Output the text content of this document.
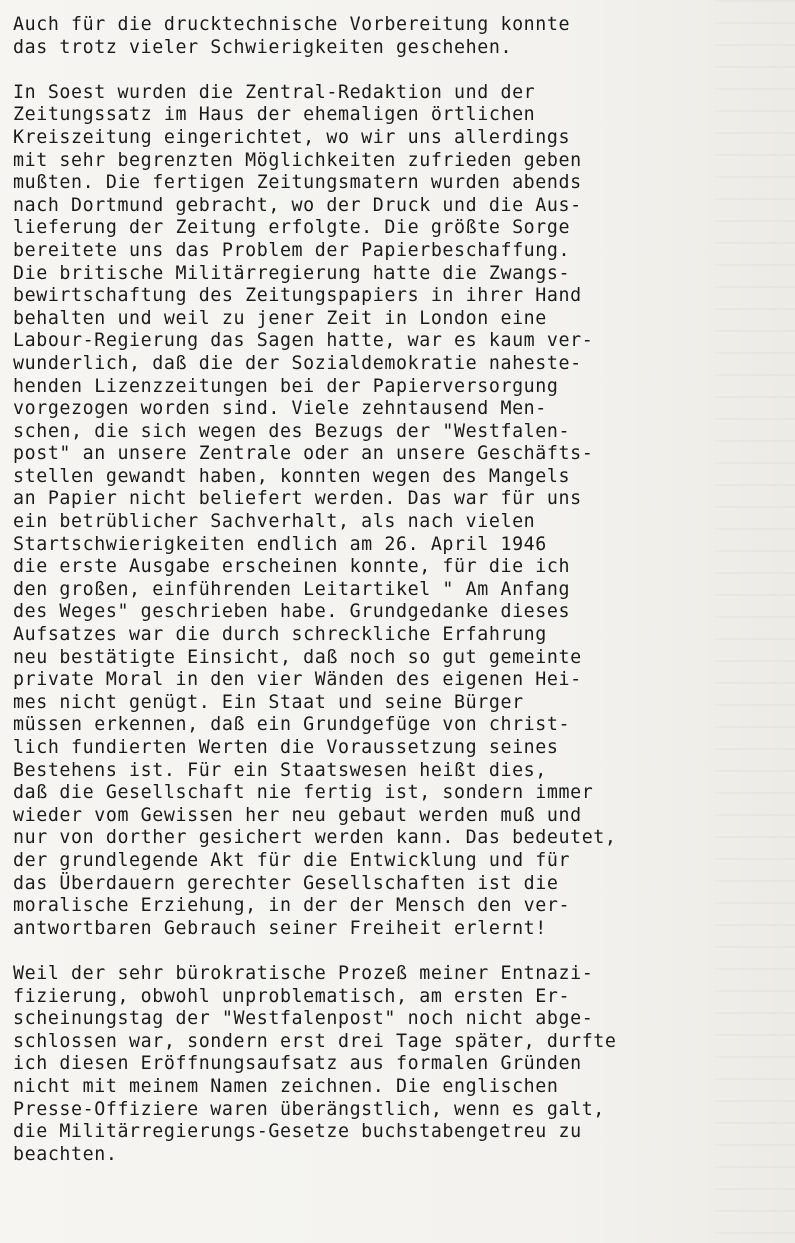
Auch für die drucktechnische Vorbereitung konnte
das trotz vieler Schwierigkeiten geschehen.
In Soest wurden die Zentral-Redaktion und der
Zeitungssatz im Haus der ehemaligen örtlichen
Kreiszeitung eingerichtet, wo wir uns allerdings
mit sehr begrenzten Möglichkeiten zufrieden geben
mußten. Die fertigen Zeitungsmatern wurden abends
nach Dortmund gebracht, wo der Druck und die Aus-
lieferung der Zeitung erfolgte. Die größte Sorge
bereitete uns das Problem der Papierbeschaffung.
Die britische Militärregierung hatte die Zwangs-
bewirtschaftung des Zeitungspapiers in ihrer Hand
behalten und weil zu jener Zeit in London eine
Labour-Regierung das Sagen hatte, war es kaum ver-
wunderlich, daß die der Sozialdemokratie naheste-
henden Lizenzzeitungen bei der Papierversorgung
vorgezogen worden sind. Viele zehntausend Men-
schen, die sich wegen des Bezugs der "Westfalen-
post" an unsere Zentrale oder an unsere Geschäfts-
stellen gewandt haben, konnten wegen des Mangels
an Papier nicht beliefert werden. Das war für uns
ein betrüblicher Sachverhalt, als nach vielen
Startschwierigkeiten endlich am 26. April 1946
die erste Ausgabe erscheinen konnte, für die ich
den großen, einführenden Leitartikel " Am Anfang
des Weges" geschrieben habe. Grundgedanke dieses
Aufsatzes war die durch schreckliche Erfahrung
neu bestätigte Einsicht, daß noch so gut gemeinte
private Moral in den vier Wänden des eigenen Hei-
mes nicht genügt. Ein Staat und seine Bürger
müssen erkennen, daß ein Grundgefüge von christ-
lich fundierten Werten die Voraussetzung seines
Bestehens ist. Für ein Staatswesen heißt dies,
daß die Gesellschaft nie fertig ist, sondern immer
wieder vom Gewissen her neu gebaut werden muß und
nur von dorther gesichert werden kann. Das bedeutet,
der grundlegende Akt für die Entwicklung und für
das Überdauern gerechter Gesellschaften ist die
moralische Erziehung, in der der Mensch den ver-
antwortbaren Gebrauch seiner Freiheit erlernt!
Weil der sehr bürokratische Prozeß meiner Entnazi-
fizierung, obwohl unproblematisch, am ersten Er-
scheinungstag der "Westfalenpost" noch nicht abge-
schlossen war, sondern erst drei Tage später, durfte
ich diesen Eröffnungsaufsatz aus formalen Gründen
nicht mit meinem Namen zeichnen. Die englischen
Presse-Offiziere waren überängstlich, wenn es galt,
die Militärregierungs-Gesetze buchstabengetreu zu
beachten.
